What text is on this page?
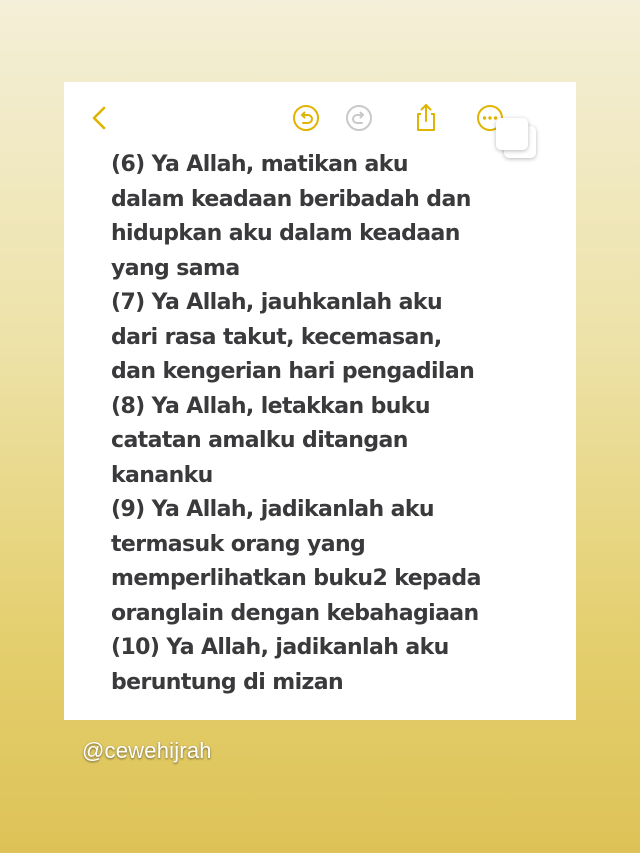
(6) Ya Allah, matikan aku
dalam keadaan beribadah dan
hidupkan aku dalam keadaan
yang sama
(7) Ya Allah, jauhkanlah aku
dari rasa takut, kecemasan,
dan kengerian hari pengadilan
(8) Ya Allah, letakkan buku
catatan amalku ditangan
kananku
(9) Ya Allah, jadikanlah aku
termasuk orang yang
memperlihatkan buku2 kepada
oranglain dengan kebahagiaan
(10) Ya Allah, jadikanlah aku
beruntung di mizan
@cewehijrah
